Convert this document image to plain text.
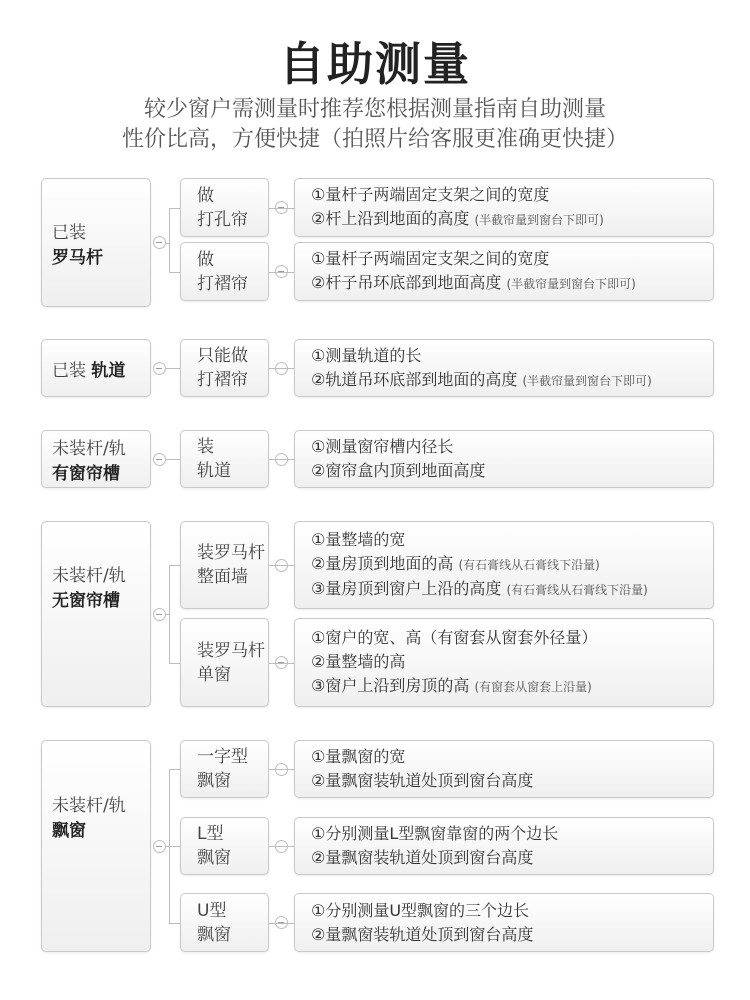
自助测量
较少窗户需测量时推荐您根据测量指南自助测量
性价比高，方便快捷（拍照片给客服更准确更快捷）
已装
罗马杆
做
打孔帘
①量杆子两端固定支架之间的宽度
②杆上沿到地面的高度 (半截帘量到窗台下即可)
做
打褶帘
①量杆子两端固定支架之间的宽度
②杆子吊环底部到地面高度 (半截帘量到窗台下即可)
已装 轨道
只能做
打褶帘
①测量轨道的长
②轨道吊环底部到地面的高度 (半截帘量到窗台下即可)
未装杆/轨
有窗帘槽
装
轨道
①测量窗帘槽内径长
②窗帘盒内顶到地面高度
未装杆/轨
无窗帘槽
装罗马杆
整面墙
①量整墙的宽
②量房顶到地面的高 (有石膏线从石膏线下沿量)
③量房顶到窗户上沿的高度 (有石膏线从石膏线下沿量)
装罗马杆
单窗
①窗户的宽、高（有窗套从窗套外径量）
②量整墙的高
③窗户上沿到房顶的高 (有窗套从窗套上沿量)
未装杆/轨
飘窗
一字型
飘窗
①量飘窗的宽
②量飘窗装轨道处顶到窗台高度
L型
飘窗
①分别测量L型飘窗靠窗的两个边长
②量飘窗装轨道处顶到窗台高度
U型
飘窗
①分别测量U型飘窗的三个边长
②量飘窗装轨道处顶到窗台高度
